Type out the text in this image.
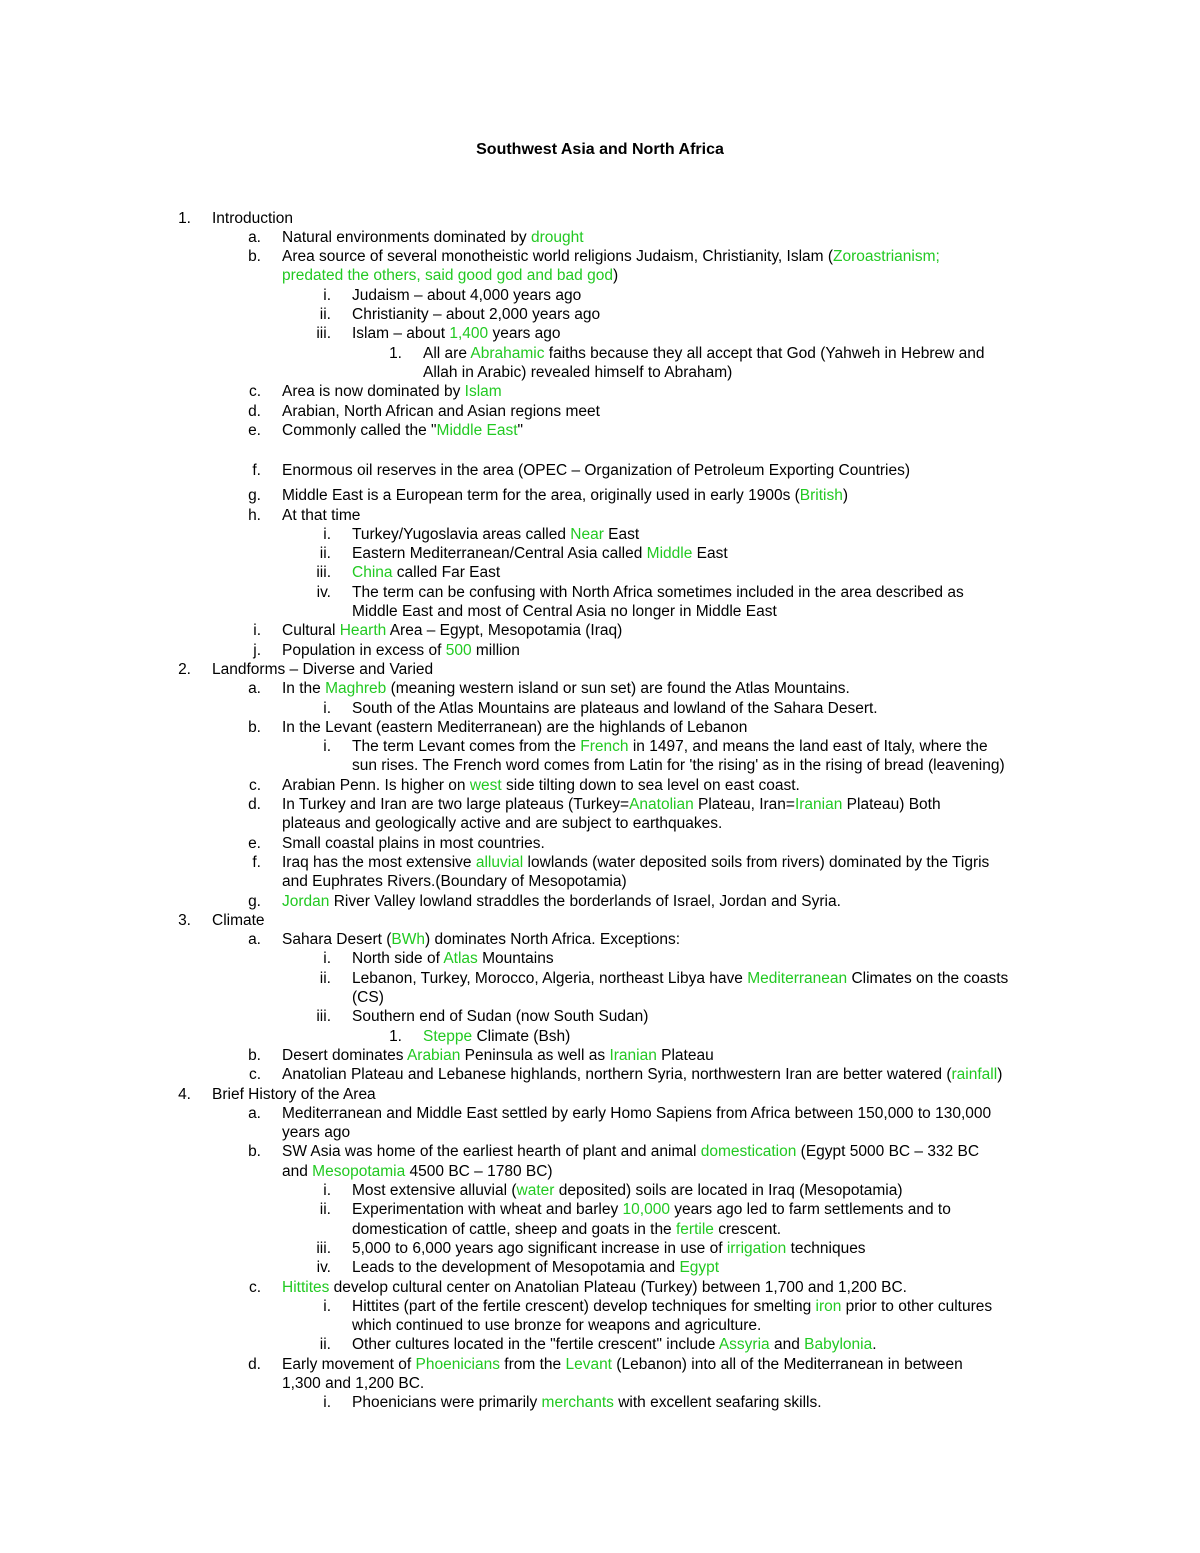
Southwest Asia and North Africa
1. Introduction
a. Natural environments dominated by drought
b. Area source of several monotheistic world religions Judaism, Christianity, Islam (Zoroastrianism;
predated the others, said good god and bad god)
i. Judaism – about 4,000 years ago
ii. Christianity – about 2,000 years ago
iii. Islam – about 1,400 years ago
1. All are Abrahamic faiths because they all accept that God (Yahweh in Hebrew and
Allah in Arabic) revealed himself to Abraham)
c. Area is now dominated by Islam
d. Arabian, North African and Asian regions meet
e. Commonly called the "Middle East"
f. Enormous oil reserves in the area (OPEC – Organization of Petroleum Exporting Countries)
g. Middle East is a European term for the area, originally used in early 1900s (British)
h. At that time
i. Turkey/Yugoslavia areas called Near East
ii. Eastern Mediterranean/Central Asia called Middle East
iii. China called Far East
iv. The term can be confusing with North Africa sometimes included in the area described as
Middle East and most of Central Asia no longer in Middle East
i. Cultural Hearth Area – Egypt, Mesopotamia (Iraq)
j. Population in excess of 500 million
2. Landforms – Diverse and Varied
a. In the Maghreb (meaning western island or sun set) are found the Atlas Mountains.
i. South of the Atlas Mountains are plateaus and lowland of the Sahara Desert.
b. In the Levant (eastern Mediterranean) are the highlands of Lebanon
i. The term Levant comes from the French in 1497, and means the land east of Italy, where the
sun rises. The French word comes from Latin for 'the rising' as in the rising of bread (leavening)
c. Arabian Penn. Is higher on west side tilting down to sea level on east coast.
d. In Turkey and Iran are two large plateaus (Turkey=Anatolian Plateau, Iran=Iranian Plateau) Both
plateaus and geologically active and are subject to earthquakes.
e. Small coastal plains in most countries.
f. Iraq has the most extensive alluvial lowlands (water deposited soils from rivers) dominated by the Tigris
and Euphrates Rivers.(Boundary of Mesopotamia)
g. Jordan River Valley lowland straddles the borderlands of Israel, Jordan and Syria.
3. Climate
a. Sahara Desert (BWh) dominates North Africa. Exceptions:
i. North side of Atlas Mountains
ii. Lebanon, Turkey, Morocco, Algeria, northeast Libya have Mediterranean Climates on the coasts
(CS)
iii. Southern end of Sudan (now South Sudan)
1. Steppe Climate (Bsh)
b. Desert dominates Arabian Peninsula as well as Iranian Plateau
c. Anatolian Plateau and Lebanese highlands, northern Syria, northwestern Iran are better watered (rainfall)
4. Brief History of the Area
a. Mediterranean and Middle East settled by early Homo Sapiens from Africa between 150,000 to 130,000
years ago
b. SW Asia was home of the earliest hearth of plant and animal domestication (Egypt 5000 BC – 332 BC
and Mesopotamia 4500 BC – 1780 BC)
i. Most extensive alluvial (water deposited) soils are located in Iraq (Mesopotamia)
ii. Experimentation with wheat and barley 10,000 years ago led to farm settlements and to
domestication of cattle, sheep and goats in the fertile crescent.
iii. 5,000 to 6,000 years ago significant increase in use of irrigation techniques
iv. Leads to the development of Mesopotamia and Egypt
c. Hittites develop cultural center on Anatolian Plateau (Turkey) between 1,700 and 1,200 BC.
i. Hittites (part of the fertile crescent) develop techniques for smelting iron prior to other cultures
which continued to use bronze for weapons and agriculture.
ii. Other cultures located in the "fertile crescent" include Assyria and Babylonia.
d. Early movement of Phoenicians from the Levant (Lebanon) into all of the Mediterranean in between
1,300 and 1,200 BC.
i. Phoenicians were primarily merchants with excellent seafaring skills.
